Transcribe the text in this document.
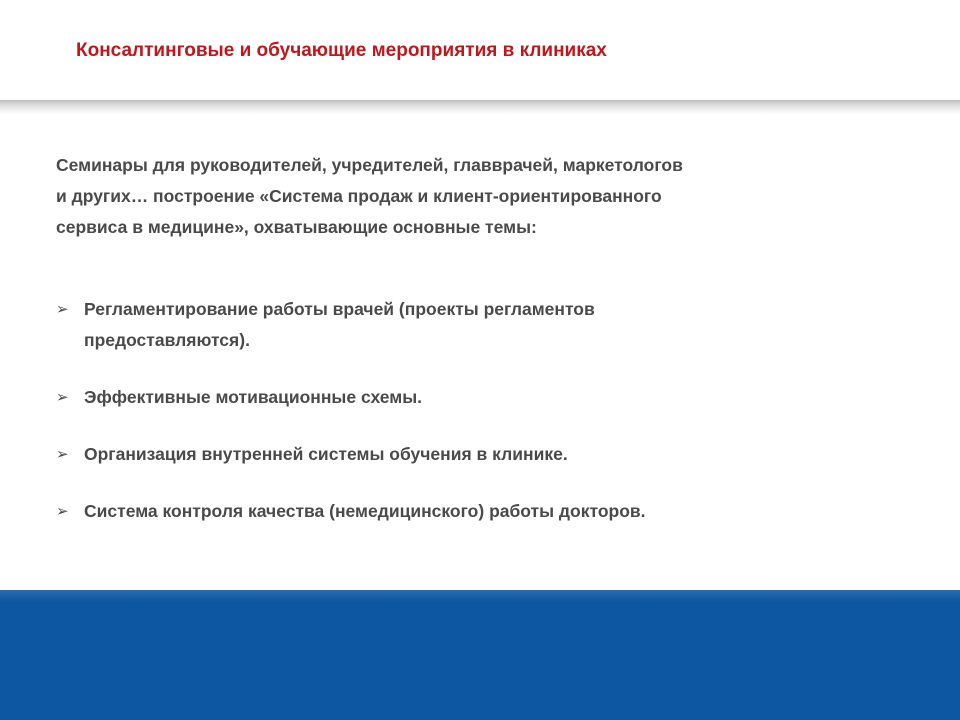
Консалтинговые и обучающие мероприятия в клиниках

Семинары для руководителей, учредителей, главврачей, маркетологов и других… построение «Система продаж и клиент-ориентированного сервиса в медицине», охватывающие основные темы:

➢ Регламентирование работы врачей (проекты регламентов предоставляются).
➢ Эффективные мотивационные схемы.
➢ Организация внутренней системы обучения в клинике.
➢ Система контроля качества (немедицинского) работы докторов.
